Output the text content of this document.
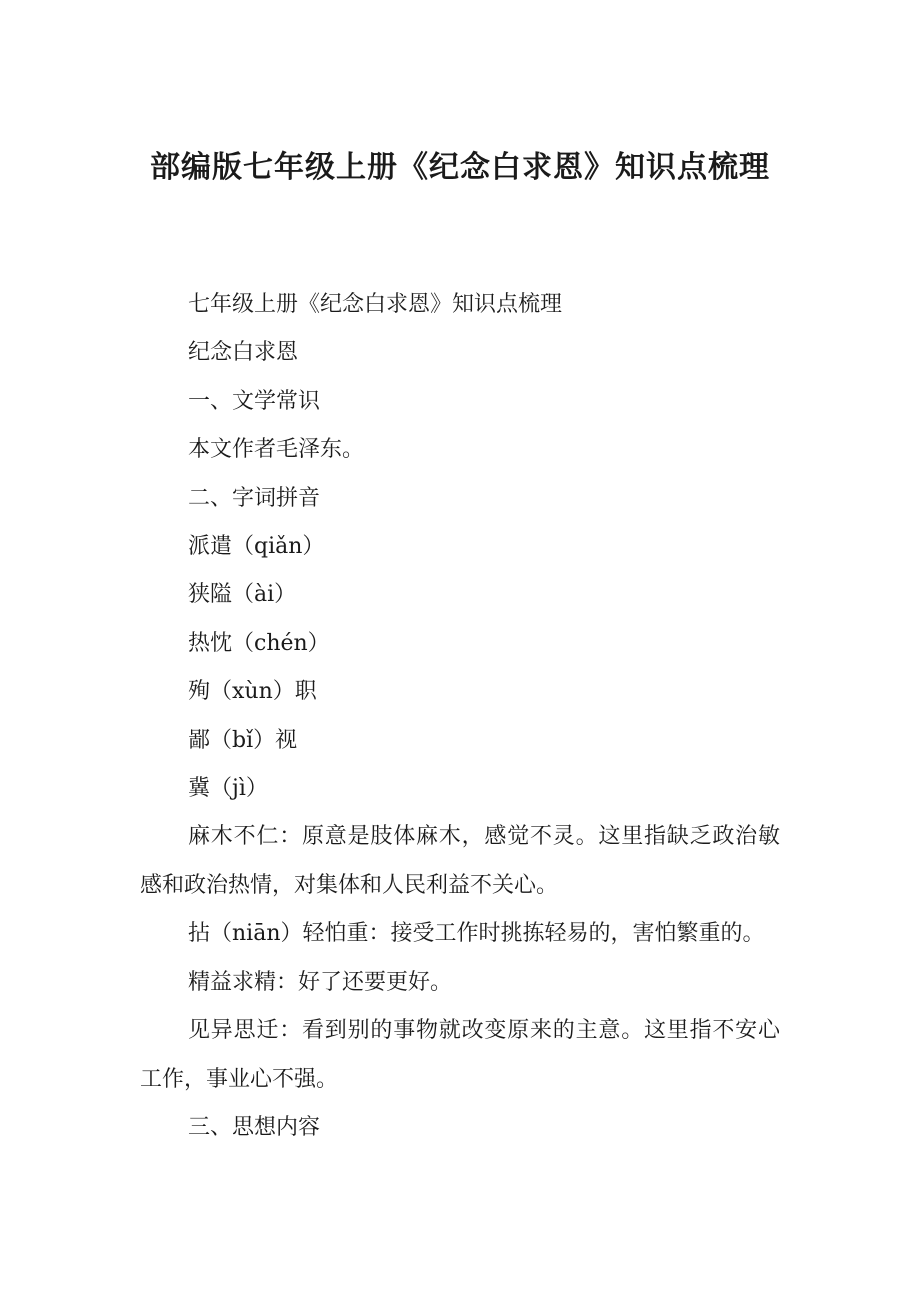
部编版七年级上册《纪念白求恩》知识点梳理

七年级上册《纪念白求恩》知识点梳理

纪念白求恩

一、文学常识

本文作者毛泽东。

二、字词拼音

派遣（qiǎn）

狭隘（ài）

热忱（chén）

殉（xùn）职

鄙（bǐ）视

冀（jì）

麻木不仁：原意是肢体麻木，感觉不灵。这里指缺乏政治敏感和政治热情，对集体和人民利益不关心。

拈（niān）轻怕重：接受工作时挑拣轻易的，害怕繁重的。

精益求精：好了还要更好。

见异思迁：看到别的事物就改变原来的主意。这里指不安心工作，事业心不强。

三、思想内容
